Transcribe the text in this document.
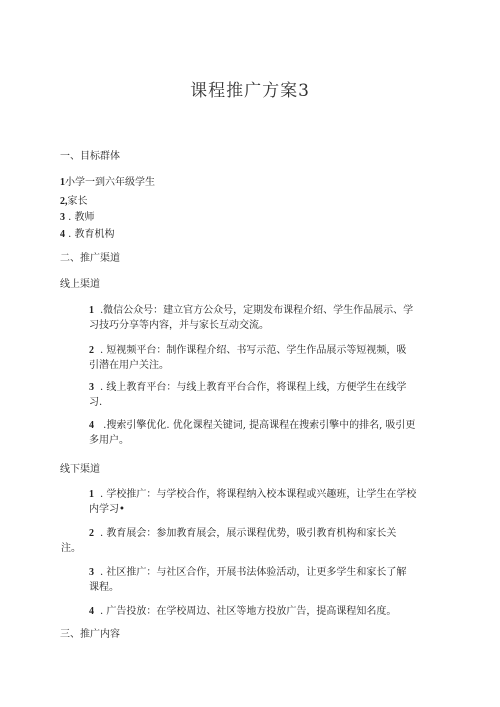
课程推广方案3
一、目标群体
1小学一到六年级学生
2,家长
3 . 教师
4 . 教育机构
二、推广渠道
线上渠道
1 .微信公众号：建立官方公众号，定期发布课程介绍、学生作品展示、学
习技巧分享等内容，并与家长互动交流。
2 . 短视频平台：制作课程介绍、书写示范、学生作品展示等短视频，吸
引潜在用户关注。
3 . 线上教育平台：与线上教育平台合作，将课程上线，方便学生在线学
习.
4 .搜索引擎优化. 优化课程关键词, 提高课程在搜索引擎中的排名, 吸引更
多用户。
线下渠道
1 . 学校推广：与学校合作，将课程纳入校本课程或兴趣班，让学生在学校
内学习•
2 . 教育展会：参加教育展会，展示课程优势，吸引教育机构和家长关
注。
3 . 社区推广：与社区合作，开展书法体验活动，让更多学生和家长了解
课程。
4 . 广告投放：在学校周边、社区等地方投放广告，提高课程知名度。
三、推广内容
